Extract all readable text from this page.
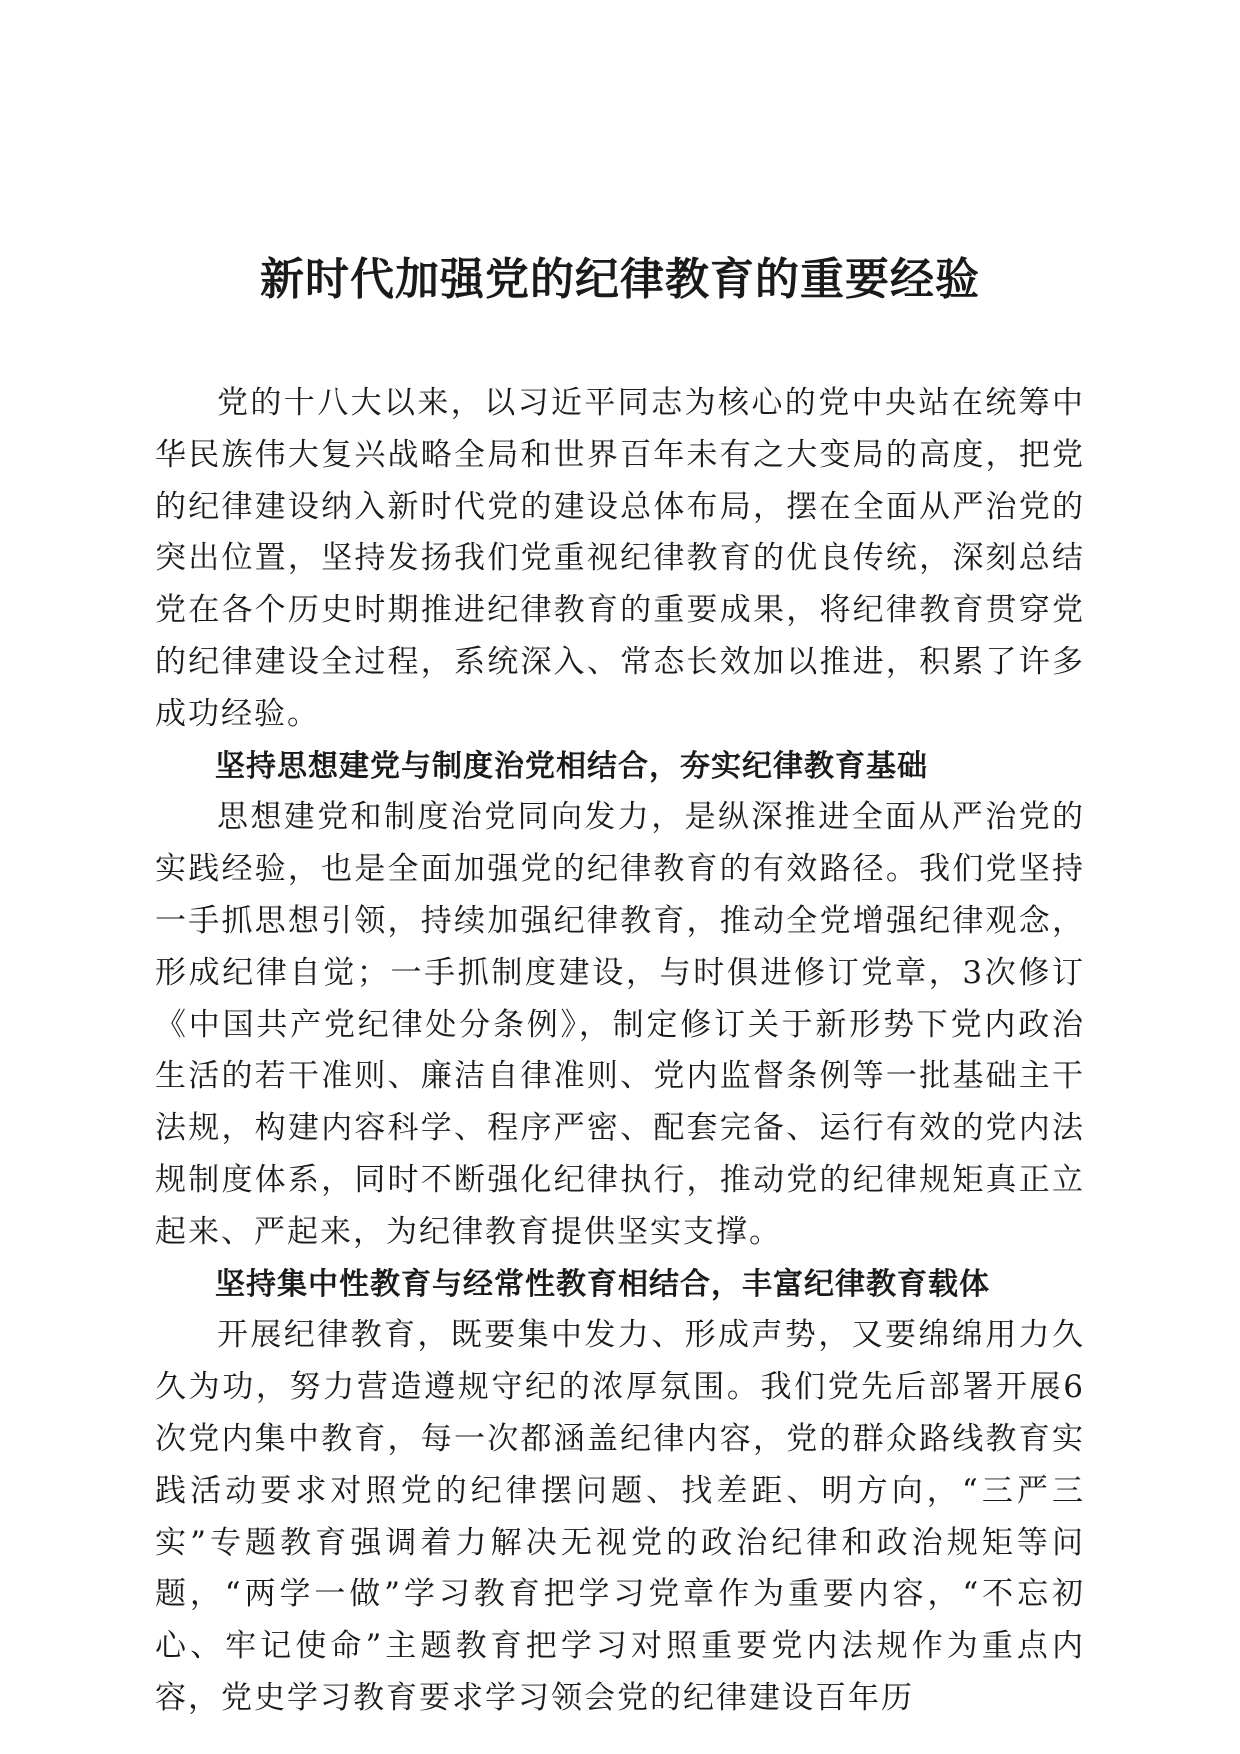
新时代加强党的纪律教育的重要经验

党的十八大以来，以习近平同志为核心的党中央站在统筹中华民族伟大复兴战略全局和世界百年未有之大变局的高度，把党的纪律建设纳入新时代党的建设总体布局，摆在全面从严治党的突出位置，坚持发扬我们党重视纪律教育的优良传统，深刻总结党在各个历史时期推进纪律教育的重要成果，将纪律教育贯穿党的纪律建设全过程，系统深入、常态长效加以推进，积累了许多成功经验。

坚持思想建党与制度治党相结合，夯实纪律教育基础

思想建党和制度治党同向发力，是纵深推进全面从严治党的实践经验，也是全面加强党的纪律教育的有效路径。我们党坚持一手抓思想引领，持续加强纪律教育，推动全党增强纪律观念，形成纪律自觉；一手抓制度建设，与时俱进修订党章，3次修订《中国共产党纪律处分条例》，制定修订关于新形势下党内政治生活的若干准则、廉洁自律准则、党内监督条例等一批基础主干法规，构建内容科学、程序严密、配套完备、运行有效的党内法规制度体系，同时不断强化纪律执行，推动党的纪律规矩真正立起来、严起来，为纪律教育提供坚实支撑。

坚持集中性教育与经常性教育相结合，丰富纪律教育载体

开展纪律教育，既要集中发力、形成声势，又要绵绵用力久久为功，努力营造遵规守纪的浓厚氛围。我们党先后部署开展6次党内集中教育，每一次都涵盖纪律内容，党的群众路线教育实践活动要求对照党的纪律摆问题、找差距、明方向，“三严三实”专题教育强调着力解决无视党的政治纪律和政治规矩等问题，“两学一做”学习教育把学习党章作为重要内容，“不忘初心、牢记使命”主题教育把学习对照重要党内法规作为重点内容，党史学习教育要求学习领会党的纪律建设百年历
